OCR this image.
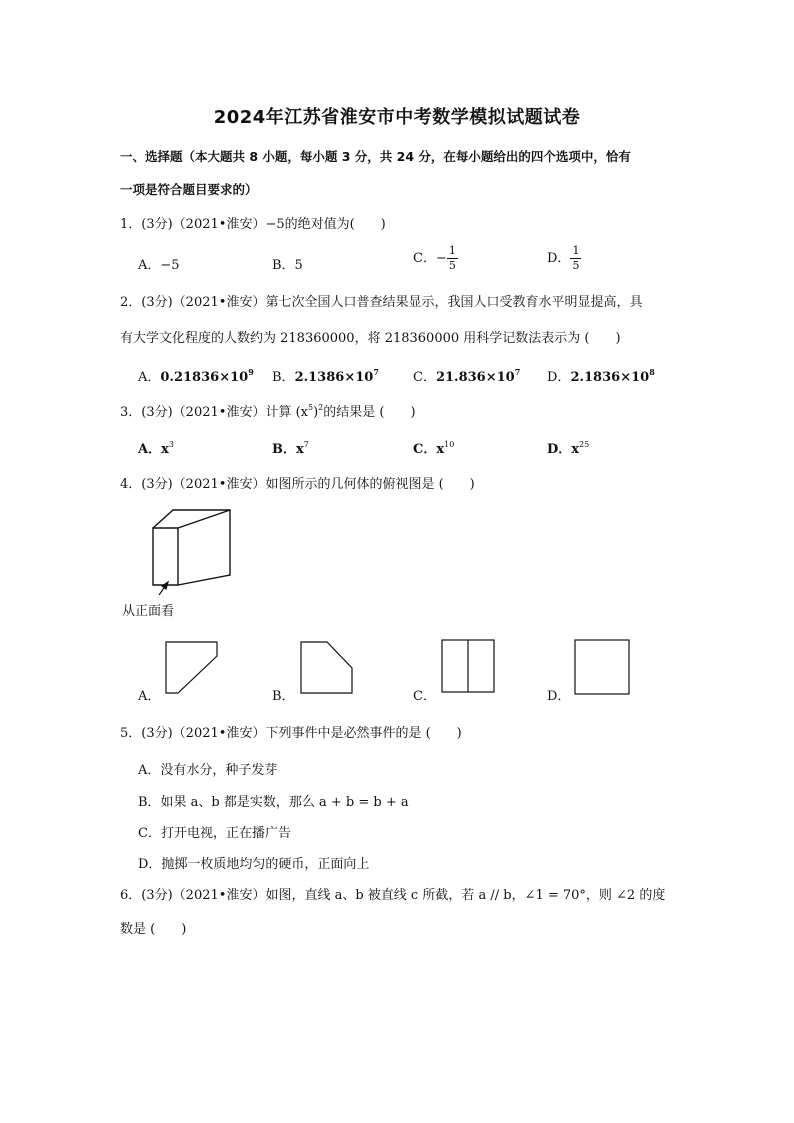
2024年江苏省淮安市中考数学模拟试题试卷
一、选择题（本大题共 8 小题，每小题 3 分，共 24 分，在每小题给出的四个选项中，恰有
一项是符合题目要求的）
1．(3分)（2021•淮安）−5的绝对值为(　　)
A．−5	B．5	C．− $\frac{1}{5}$	D． $\frac{1}{5}$
2．(3分)（2021•淮安）第七次全国人口普查结果显示，我国人口受教育水平明显提高，具
有大学文化程度的人数约为 218360000，将 218360000 用科学记数法表示为 (　　)
A．$0.21836\times 10^9$ B．$2.1386\times 10^7$	C．$21.836\times 10^7$ D．$2.1836\times 10^8$
3．(3分)（2021•淮安）计算 $(x^5)^2$的结果是 (　　)
A．$x^3$	B．$x^7$	C．$x^{10}$	D．$x^{25}$
4．(3分)（2021•淮安）如图所示的几何体的俯视图是 (　　)
从正面看
A．	B．	C．	D．
5．(3分)（2021•淮安）下列事件中是必然事件的是 (　　)
A．没有水分，种子发芽
B．如果 a、b 都是实数，那么 a + b = b + a
C．打开电视，正在播广告
D．抛掷一枚质地均匀的硬币，正面向上
6．(3分)（2021•淮安）如图，直线 a、b 被直线 c 所截，若 a // b，∠1 = 70°，则 ∠2 的度
数是 (　　)
